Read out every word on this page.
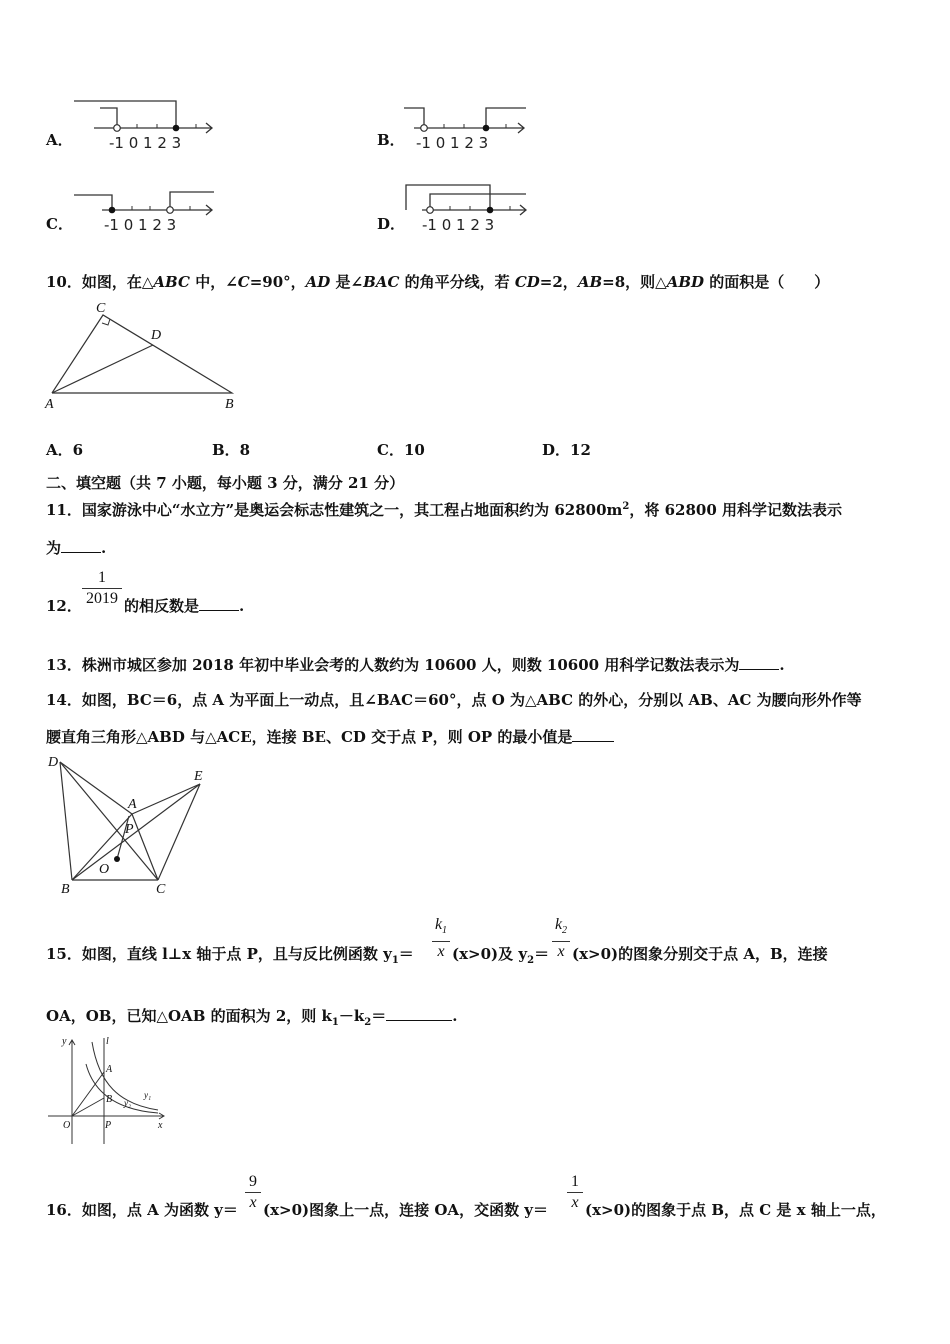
A． -1 0 1 2 3	B． -1 0 1 2 3
C． -1 0 1 2 3	D． -1 0 1 2 3
10．如图，在△ABC 中，∠C=90°，AD 是∠BAC 的角平分线，若 CD=2，AB=8，则△ABD 的面积是（　　）
C
D
A	B
A．6	B．8	C．10	D．12
二、填空题（共 7 小题，每小题 3 分，满分 21 分）
11．国家游泳中心“水立方”是奥运会标志性建筑之一，其工程占地面积约为 $62800m^2$，将 62800 用科学记数法表示
为	.
12．
1
2019 的相反数是	.
13．株洲市城区参加 2018 年初中毕业会考的人数约为 10600 人，则数 10600 用科学记数法表示为	.
14．如图，BC＝6，点 A 为平面上一动点，且∠BAC＝60°，点 O 为△ABC 的外心，分别以 AB、AC 为腰向形外作等
腰直角三角形△ABD 与△ACE，连接 BE、CD 交于点 P，则 OP 的最小值是
D
E
A
P
O
B	C
15．如图，直线 l⊥x 轴于点 P，且与反比例函数 $y_1=$
$k_1$
x (x>0)及 $y_2=$
$k_2$
x (x>0)的图象分别交于点 A，B，连接
OA，OB，已知△OAB 的面积为 2，则 $k_1-k_2=$	.
y	l
A
B	y₁
y₂
O	P	x
16．如图，点 A 为函数 y＝
9
x (x>0)图象上一点，连接 OA，交函数 y＝
1
x (x>0)的图象于点 B，点 C 是 x 轴上一点，
